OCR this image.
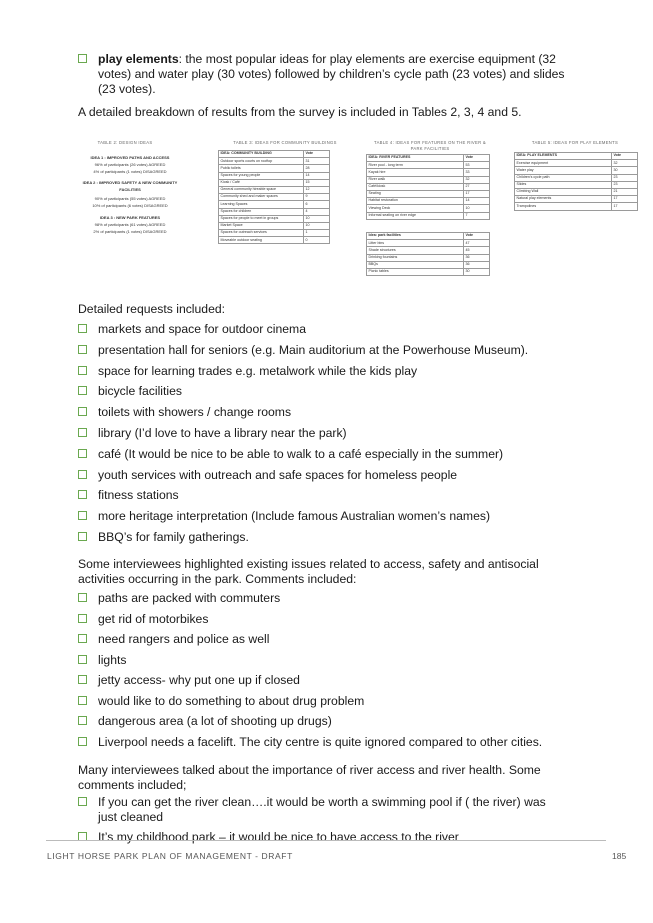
play elements: the most popular ideas for play elements are exercise equipment (32 votes) and water play (30 votes) followed by children’s cycle path (23 votes) and slides (23 votes).
A detailed breakdown of results from the survey is included in Tables 2, 3, 4 and 5.
TABLE 2: DESIGN IDEAS
IDEA 1 : IMPROVED PATHS AND ACCESS
96% of participants (26 votes) AGREED
4% of participants (1 votes) DISAGREED
IDEA 2 : IMPROVED SAFETY & NEW COMMUNITY
FACILITIES
90% of participants (55 votes) AGREED
10% of participants (6 votes) DISAGREED
IDEA 3 : NEW PARK FEATURES
98% of participants (61 votes) AGREED
2% of participants (1 votes) DISAGREED
TABLE 3: IDEAS FOR COMMUNITY BUILDINGS
IDEA: COMMUNITY BUILDING	Vote
Outdoor sports courts on rooftop	31
Public toilets	28
Spaces for young people	14
Kiosk / Café	15
General community hireable space	12
Community shed and maker spaces	9
Learning Spaces	6
Spaces for children	4
Spaces for people to meet in groups	10
Market Space	10
Spaces for outreach services	1
Moveable outdoor seating	0
TABLE 4: IDEAS FOR FEATURES ON THE RIVER & PARK FACILITIES
IDEA: RIVER FEATURES	Vote
River pool - long term	53
Kayak hire	33
River walk	32
Café/kiosk	27
Seating	17
Habitat restoration	14
Viewing Deck	10
Informal seating on river edge	7
Idea: park facilities	Vote
Litter bins	47
Shade structures	45
Drinking fountains	36
BBQs	36
Picnic tables	30
TABLE 5: IDEAS FOR PLAY ELEMENTS
IDEA: PLAY ELEMENTS	Vote
Exercise equipment	32
Water play	30
Children's cycle path	23
Slides	23
Climbing Wall	21
Natural play elements	17
Trampolines	17
Detailed requests included:
markets and space for outdoor cinema
presentation hall for seniors (e.g. Main auditorium at the Powerhouse Museum).
space for learning trades e.g. metalwork while the kids play
bicycle facilities
toilets with showers / change rooms
library (I’d love to have a library near the park)
café (It would be nice to be able to walk to a café especially in the summer)
youth services with outreach and safe spaces for homeless people
fitness stations
more heritage interpretation (Include famous Australian women’s names)
BBQ’s for family gatherings.
Some interviewees highlighted existing issues related to access, safety and antisocial activities occurring in the park. Comments included:
paths are packed with commuters
get rid of motorbikes
need rangers and police as well
lights
jetty access- why put one up if closed
would like to do something to about drug problem
dangerous area (a lot of shooting up drugs)
Liverpool needs a facelift. The city centre is quite ignored compared to other cities.
Many interviewees talked about the importance of river access and river health. Some comments included;
If you can get the river clean….it would be worth a swimming pool if ( the river) was just cleaned
It’s my childhood park – it would be nice to have access to the river
LIGHT HORSE PARK PLAN OF MANAGEMENT - DRAFT	185
